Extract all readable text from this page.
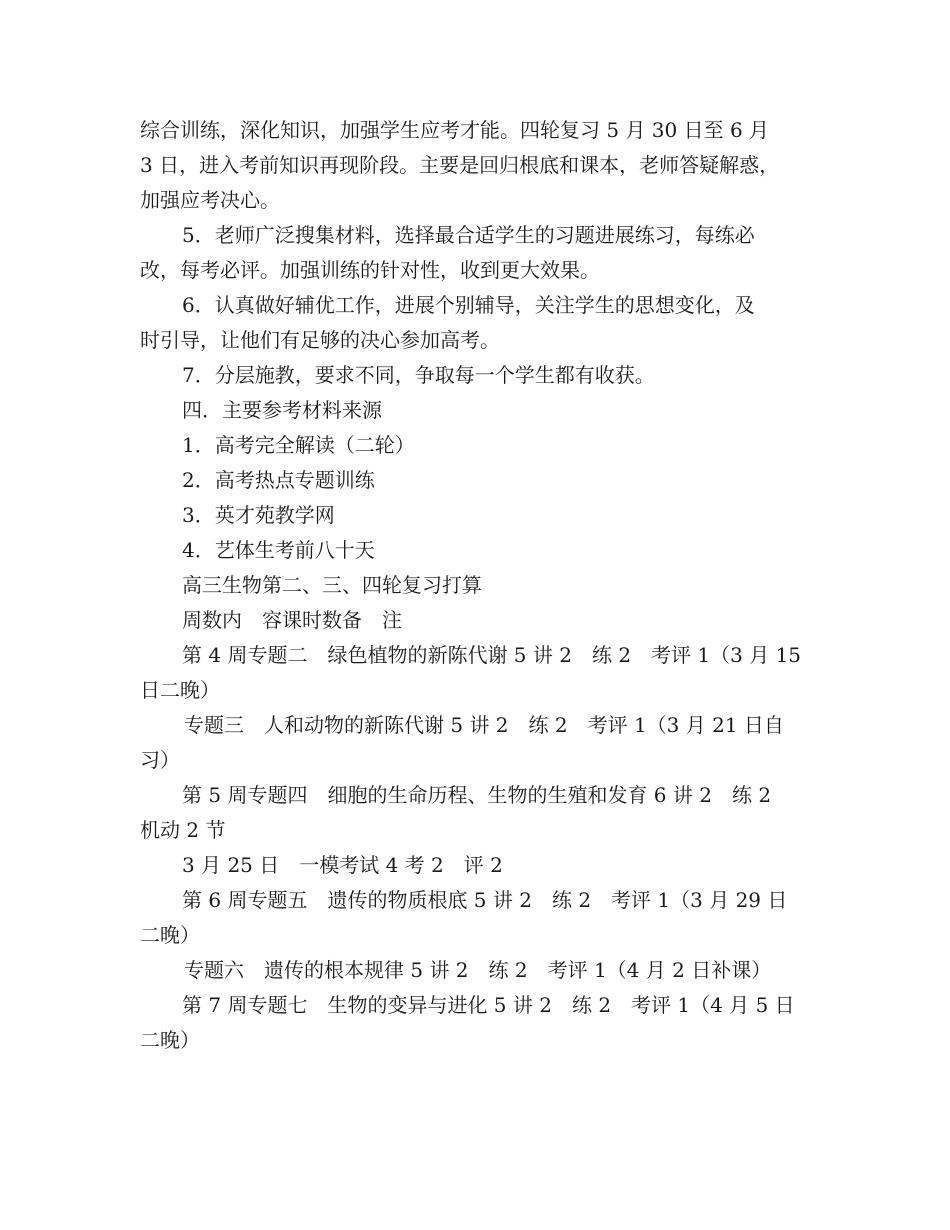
综合训练，深化知识，加强学生应考才能。四轮复习 5 月 30 日至 6 月

3 日，进入考前知识再现阶段。主要是回归根底和课本，老师答疑解惑，

加强应考决心。

5．老师广泛搜集材料，选择最合适学生的习题进展练习，每练必

改，每考必评。加强训练的针对性，收到更大效果。

6．认真做好辅优工作，进展个别辅导，关注学生的思想变化，及

时引导，让他们有足够的决心参加高考。

7．分层施教，要求不同，争取每一个学生都有收获。

四．主要参考材料来源

1．高考完全解读（二轮）

2．高考热点专题训练

3．英才苑教学网

4．艺体生考前八十天

高三生物第二、三、四轮复习打算

周数内　容课时数备　注

第 4 周专题二　绿色植物的新陈代谢 5 讲 2　练 2　考评 1（3 月 15

日二晚）

专题三　人和动物的新陈代谢 5 讲 2　练 2　考评 1（3 月 21 日自

习）

第 5 周专题四　细胞的生命历程、生物的生殖和发育 6 讲 2　练 2

机动 2 节

3 月 25 日　一模考试 4 考 2　评 2

第 6 周专题五　遗传的物质根底 5 讲 2　练 2　考评 1（3 月 29 日

二晚）

专题六　遗传的根本规律 5 讲 2　练 2　考评 1（4 月 2 日补课）

第 7 周专题七　生物的变异与进化 5 讲 2　练 2　考评 1（4 月 5 日

二晚）
